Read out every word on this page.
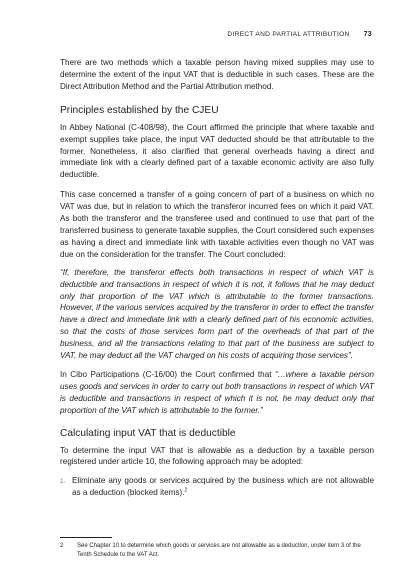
DIRECT AND PARTIAL ATTRIBUTION 73

There are two methods which a taxable person having mixed supplies may use to determine the extent of the input VAT that is deductible in such cases. These are the Direct Attribution Method and the Partial Attribution method.

Principles established by the CJEU

In Abbey National (C-408/98), the Court affirmed the principle that where taxable and exempt supplies take place, the input VAT deducted should be that attributable to the former. Nonetheless, it also clarified that general overheads having a direct and immediate link with a clearly defined part of a taxable economic activity are also fully deductible.

This case concerned a transfer of a going concern of part of a business on which no VAT was due, but in relation to which the transferor incurred fees on which it paid VAT. As both the transferor and the transferee used and continued to use that part of the transferred business to generate taxable supplies, the Court considered such expenses as having a direct and immediate link with taxable activities even though no VAT was due on the consideration for the transfer. The Court concluded:

“If, therefore, the transferor effects both transactions in respect of which VAT is deductible and transactions in respect of which it is not, it follows that he may deduct only that proportion of the VAT which is attributable to the former transactions. However, if the various services acquired by the transferor in order to effect the transfer have a direct and immediate link with a clearly defined part of his economic activities, so that the costs of those services form part of the overheads of that part of the business, and all the transactions relating to that part of the business are subject to VAT, he may deduct all the VAT charged on his costs of acquiring those services”.

In Cibo Participations (C-16/00) the Court confirmed that “…where a taxable person uses goods and services in order to carry out both transactions in respect of which VAT is deductible and transactions in respect of which it is not, he may deduct only that proportion of the VAT which is attributable to the former.”

Calculating input VAT that is deductible

To determine the input VAT that is allowable as a deduction by a taxable person registered under article 10, the following approach may be adopted:

1. Eliminate any goods or services acquired by the business which are not allowable as a deduction (blocked items).$^2$
2	See Chapter 10 to determine which goods or services are not allowable as a deduction, under item 3 of the Tenth Schedule to the VAT Act.
